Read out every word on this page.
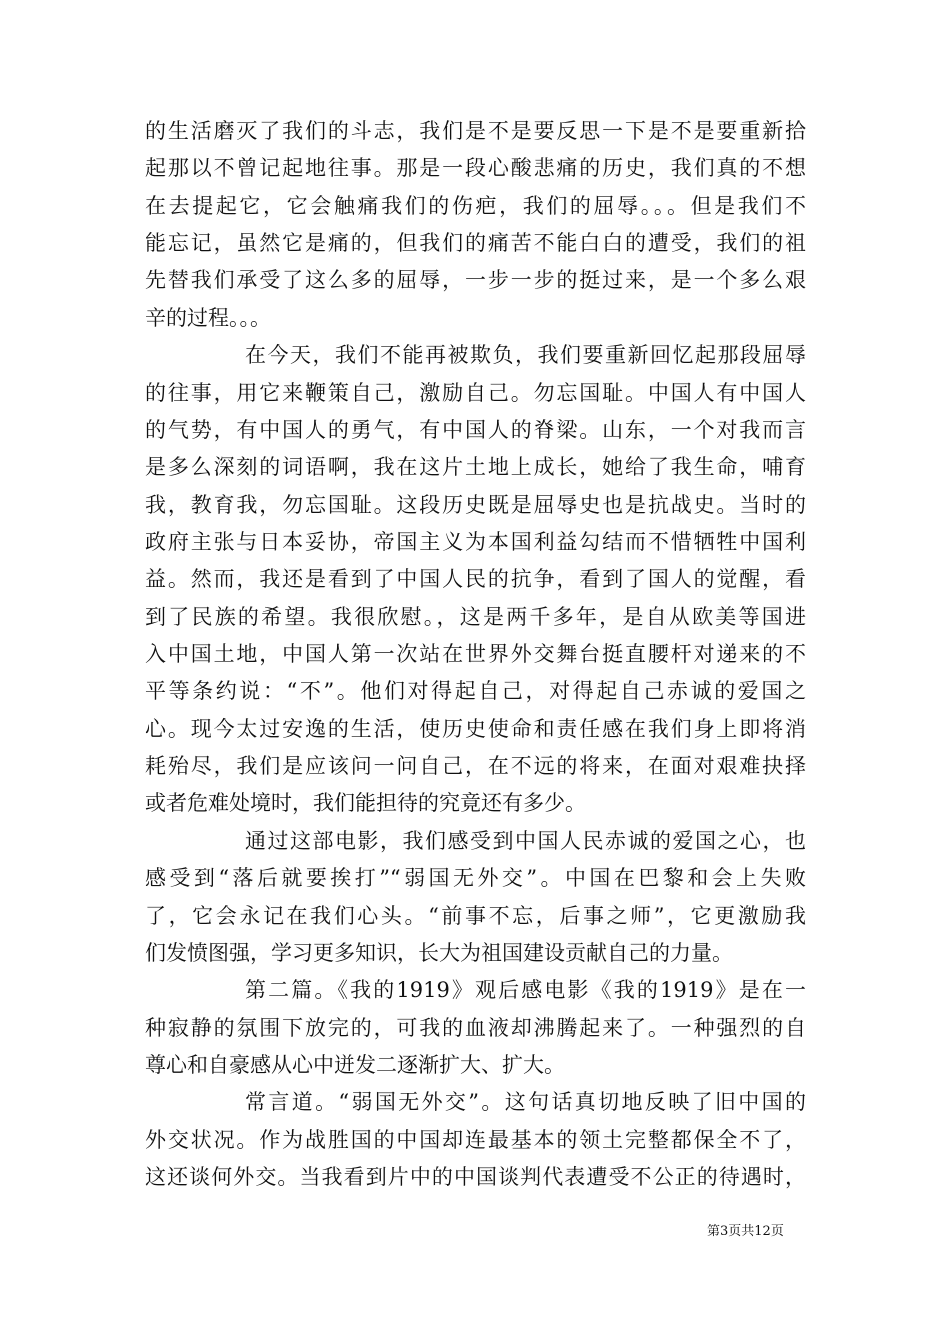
的生活磨灭了我们的斗志，我们是不是要反思一下是不是要重新拾
起那以不曾记起地往事。那是一段心酸悲痛的历史，我们真的不想
在去提起它，它会触痛我们的伤疤，我们的屈辱。。。但是我们不
能忘记，虽然它是痛的，但我们的痛苦不能白白的遭受，我们的祖
先替我们承受了这么多的屈辱，一步一步的挺过来，是一个多么艰
辛的过程。。。
在今天，我们不能再被欺负，我们要重新回忆起那段屈辱
的往事，用它来鞭策自己，激励自己。勿忘国耻。中国人有中国人
的气势，有中国人的勇气，有中国人的脊梁。山东，一个对我而言
是多么深刻的词语啊，我在这片土地上成长，她给了我生命，哺育
我，教育我，勿忘国耻。这段历史既是屈辱史也是抗战史。当时的
政府主张与日本妥协，帝国主义为本国利益勾结而不惜牺牲中国利
益。然而，我还是看到了中国人民的抗争，看到了国人的觉醒，看
到了民族的希望。我很欣慰。，这是两千多年，是自从欧美等国进
入中国土地，中国人第一次站在世界外交舞台挺直腰杆对递来的不
平等条约说：“不”。他们对得起自己，对得起自己赤诚的爱国之
心。现今太过安逸的生活，使历史使命和责任感在我们身上即将消
耗殆尽，我们是应该问一问自己，在不远的将来，在面对艰难抉择
或者危难处境时，我们能担待的究竟还有多少。
通过这部电影，我们感受到中国人民赤诚的爱国之心，也
感受到“落后就要挨打”“弱国无外交”。中国在巴黎和会上失败
了，它会永记在我们心头。“前事不忘，后事之师”，它更激励我
们发愤图强，学习更多知识，长大为祖国建设贡献自己的力量。
第二篇。《我的1919》观后感电影《我的1919》是在一
种寂静的氛围下放完的，可我的血液却沸腾起来了。一种强烈的自
尊心和自豪感从心中迸发二逐渐扩大、扩大。
常言道。“弱国无外交”。这句话真切地反映了旧中国的
外交状况。作为战胜国的中国却连最基本的领土完整都保全不了，
这还谈何外交。当我看到片中的中国谈判代表遭受不公正的待遇时，
第3页共12页
